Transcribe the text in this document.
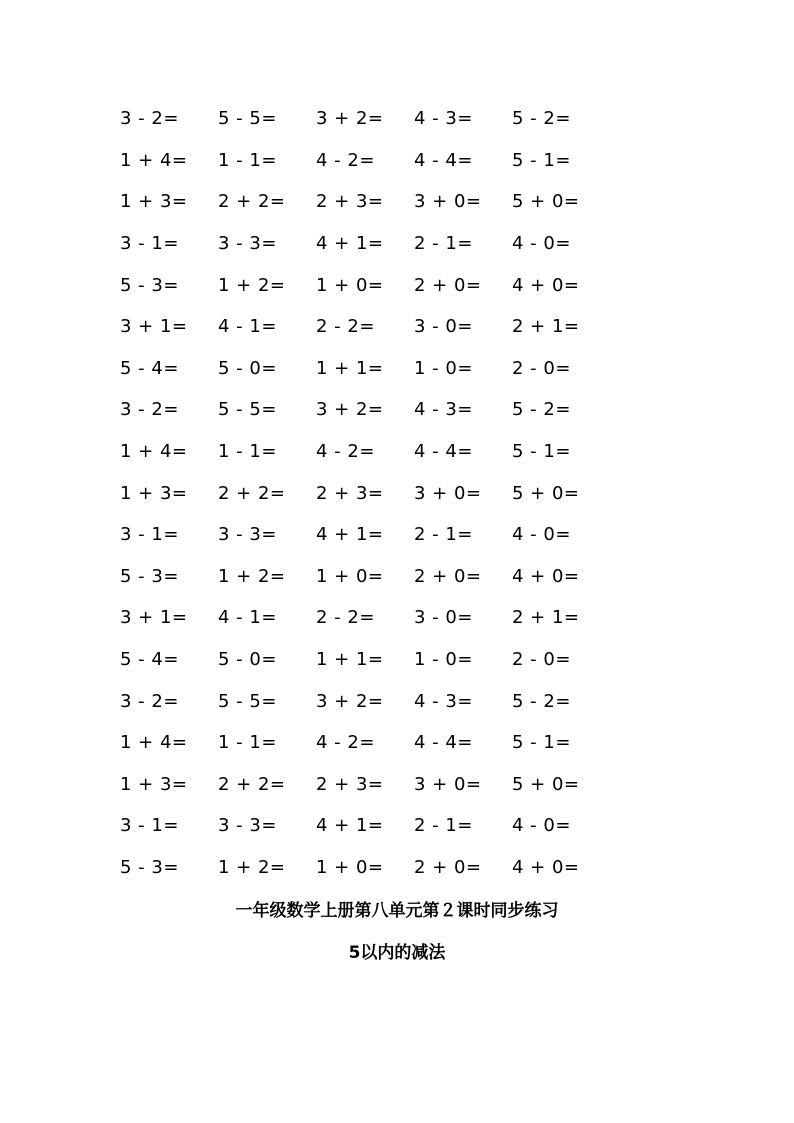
3 - 2=	5 - 5=	3 + 2=	4 - 3=	5 - 2=
1 + 4=	1 - 1=	4 - 2=	4 - 4=	5 - 1=
1 + 3=	2 + 2=	2 + 3=	3 + 0=	5 + 0=
3 - 1=	3 - 3=	4 + 1=	2 - 1=	4 - 0=
5 - 3=	1 + 2=	1 + 0=	2 + 0=	4 + 0=
3 + 1=	4 - 1=	2 - 2=	3 - 0=	2 + 1=
5 - 4=	5 - 0=	1 + 1=	1 - 0=	2 - 0=
3 - 2=	5 - 5=	3 + 2=	4 - 3=	5 - 2=
1 + 4=	1 - 1=	4 - 2=	4 - 4=	5 - 1=
1 + 3=	2 + 2=	2 + 3=	3 + 0=	5 + 0=
3 - 1=	3 - 3=	4 + 1=	2 - 1=	4 - 0=
5 - 3=	1 + 2=	1 + 0=	2 + 0=	4 + 0=
3 + 1=	4 - 1=	2 - 2=	3 - 0=	2 + 1=
5 - 4=	5 - 0=	1 + 1=	1 - 0=	2 - 0=
3 - 2=	5 - 5=	3 + 2=	4 - 3=	5 - 2=
1 + 4=	1 - 1=	4 - 2=	4 - 4=	5 - 1=
1 + 3=	2 + 2=	2 + 3=	3 + 0=	5 + 0=
3 - 1=	3 - 3=	4 + 1=	2 - 1=	4 - 0=
5 - 3=	1 + 2=	1 + 0=	2 + 0=	4 + 0=
一年级数学上册第八单元第２课时同步练习
5以内的减法
